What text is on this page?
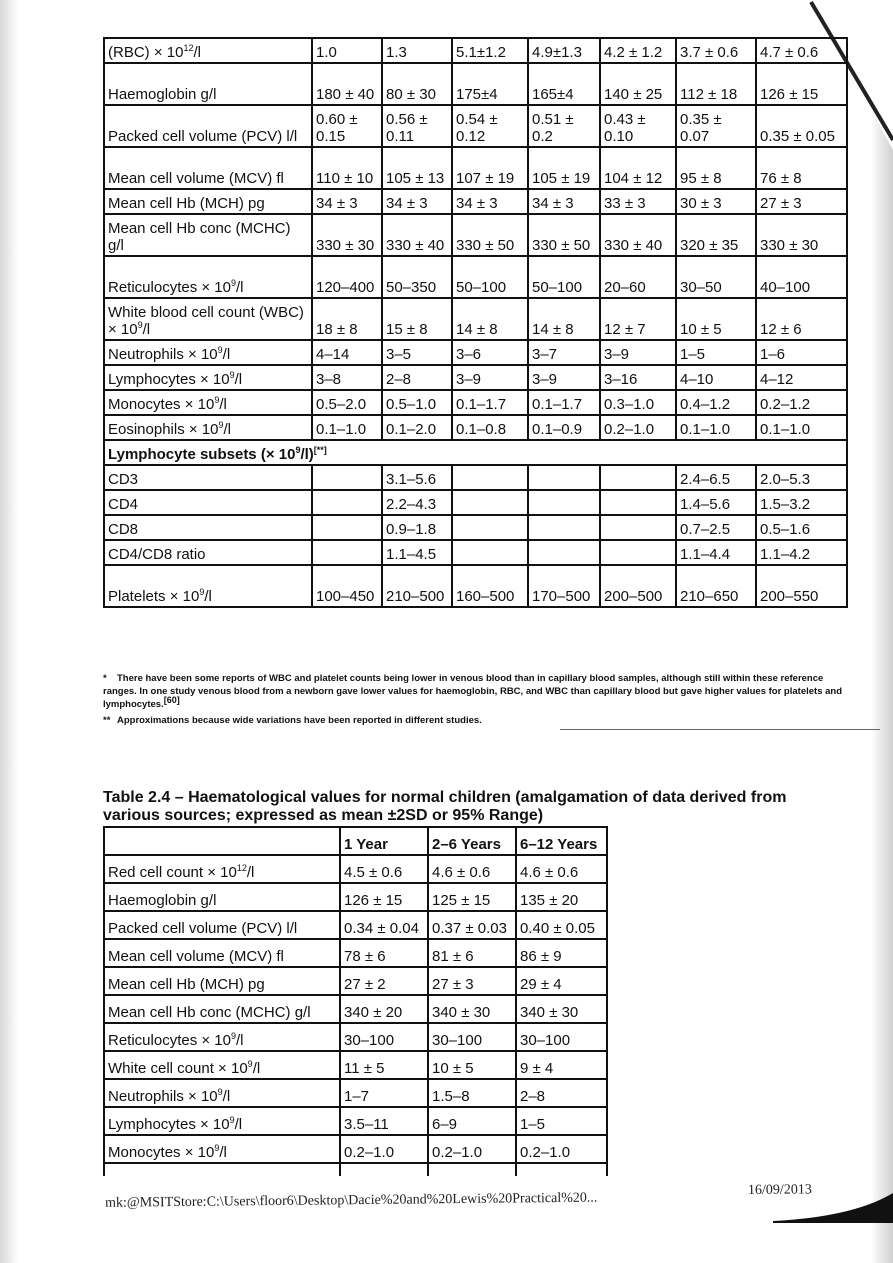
$(RBC) \times 10^{12}/l$	1.0	1.3	5.1±1.2	4.9±1.3	4.2 ± 1.2	3.7 ± 0.6	4.7 ± 0.6
Haemoglobin g/l	180 ± 40	80 ± 30	175±4	165±4	140 ± 25	112 ± 18	126 ± 15
Packed cell volume (PCV) l/l	0.60 ± 0.15	0.56 ± 0.11	0.54 ± 0.12	0.51 ± 0.2	0.43 ± 0.10	0.35 ± 0.07	0.35 ± 0.05
Mean cell volume (MCV) fl	110 ± 10	105 ± 13	107 ± 19	105 ± 19	104 ± 12	95 ± 8	76 ± 8
Mean cell Hb (MCH) pg	34 ± 3	34 ± 3	34 ± 3	34 ± 3	33 ± 3	30 ± 3	27 ± 3
Mean cell Hb conc (MCHC) g/l	330 ± 30	330 ± 40	330 ± 50	330 ± 50	330 ± 40	320 ± 35	330 ± 30
Reticulocytes × $10^9/l$	120–400	50–350	50–100	50–100	20–60	30–50	40–100
White blood cell count $(WBC) \times 10^9/l$	18 ± 8	15 ± 8	14 ± 8	14 ± 8	12 ± 7	10 ± 5	12 ± 6
Neutrophils × $10^9/l$	4–14	3–5	3–6	3–7	3–9	1–5	1–6
Lymphocytes × $10^9/l$	3–8	2–8	3–9	3–9	3–16	4–10	4–12
Monocytes × $10^9/l$	0.5–2.0	0.5–1.0	0.1–1.7	0.1–1.7	0.3–1.0	0.4–1.2	0.2–1.2
Eosinophils × $10^9/l$	0.1–1.0	0.1–2.0	0.1–0.8	0.1–0.9	0.2–1.0	0.1–1.0	0.1–1.0
Lymphocyte subsets (× $10^9/l)[**]$
CD3		3.1–5.6				2.4–6.5	2.0–5.3
CD4		2.2–4.3				1.4–5.6	1.5–3.2
CD8		0.9–1.8				0.7–2.5	0.5–1.6
CD4/CD8 ratio		1.1–4.5				1.1–4.4	1.1–4.2
Platelets × $10^9/l$	100–450	210–500	160–500	170–500	200–500	210–650	200–550

* There have been some reports of WBC and platelet counts being lower in venous blood than in capillary blood samples, although still within these reference ranges. In one study venous blood from a newborn gave lower values for haemoglobin, RBC, and WBC than capillary blood but gave higher values for platelets and lymphocytes.[60]

** Approximations because wide variations have been reported in different studies.

Table 2.4 – Haematological values for normal children (amalgamation of data derived from various sources; expressed as mean ±2SD or 95% Range)
	1 Year	2–6 Years	6–12 Years
Red cell count × $10^{12}/l$	4.5 ± 0.6	4.6 ± 0.6	4.6 ± 0.6
Haemoglobin g/l	126 ± 15	125 ± 15	135 ± 20
Packed cell volume (PCV) l/l	0.34 ± 0.04	0.37 ± 0.03	0.40 ± 0.05
Mean cell volume (MCV) fl	78 ± 6	81 ± 6	86 ± 9
Mean cell Hb (MCH) pg	27 ± 2	27 ± 3	29 ± 4
Mean cell Hb conc (MCHC) g/l	340 ± 20	340 ± 30	340 ± 30
Reticulocytes × $10^9/l$	30–100	30–100	30–100
White cell count × $10^9/l$	11 ± 5	10 ± 5	9 ± 4
Neutrophils × $10^9/l$	1–7	1.5–8	2–8
Lymphocytes × $10^9/l$	3.5–11	6–9	1–5
Monocytes × $10^9/l$	0.2–1.0	0.2–1.0	0.2–1.0

mk:@MSITStore:C:\Users\floor6\Desktop\Dacie%20and%20Lewis%20Practical%20...
16/09/2013
